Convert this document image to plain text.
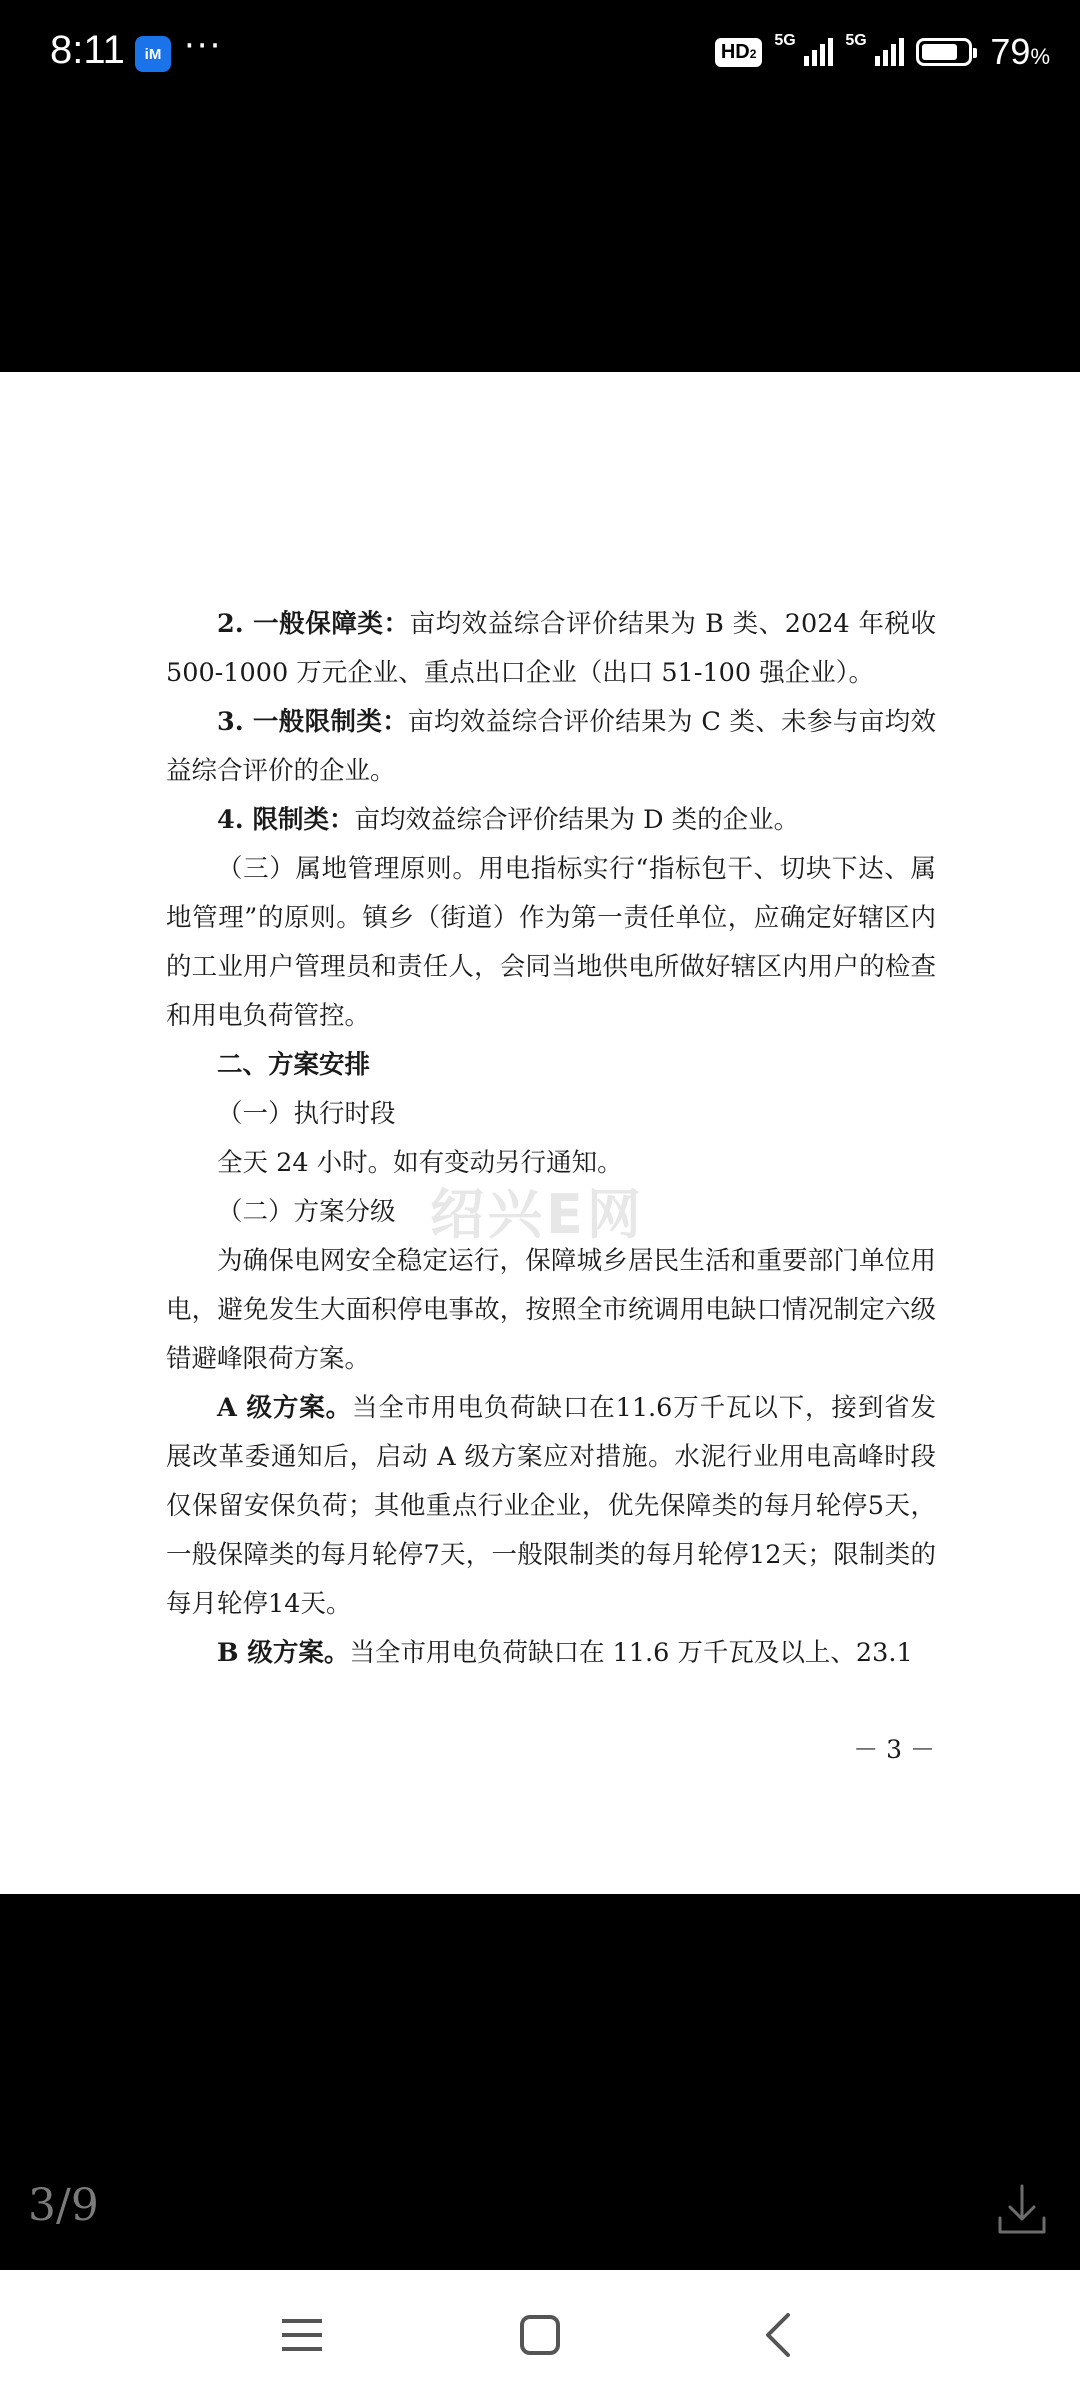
8:11	iM ···	HD2
5G	5G	79%

2. 一般保障类：亩均效益综合评价结果为 B 类、2024 年税收 500-1000 万元企业、重点出口企业（出口 51-100 强企业）。

3. 一般限制类：亩均效益综合评价结果为 C 类、未参与亩均效益综合评价的企业。

4. 限制类：亩均效益综合评价结果为 D 类的企业。

（三）属地管理原则。用电指标实行“指标包干、切块下达、属地管理”的原则。镇乡（街道）作为第一责任单位，应确定好辖区内的工业用户管理员和责任人，会同当地供电所做好辖区内用户的检查和用电负荷管控。

二、方案安排

（一）执行时段

全天 24 小时。如有变动另行通知。

（二）方案分级

为确保电网安全稳定运行，保障城乡居民生活和重要部门单位用电，避免发生大面积停电事故，按照全市统调用电缺口情况制定六级错避峰限荷方案。

A 级方案。当全市用电负荷缺口在11.6万千瓦以下，接到省发展改革委通知后，启动 A 级方案应对措施。水泥行业用电高峰时段仅保留安保负荷；其他重点行业企业，优先保障类的每月轮停5天，一般保障类的每月轮停7天，一般限制类的每月轮停12天；限制类的每月轮停14天。

B 级方案。当全市用电负荷缺口在 11.6 万千瓦及以上、23.1

绍兴E网
－ 3 －
3/9
